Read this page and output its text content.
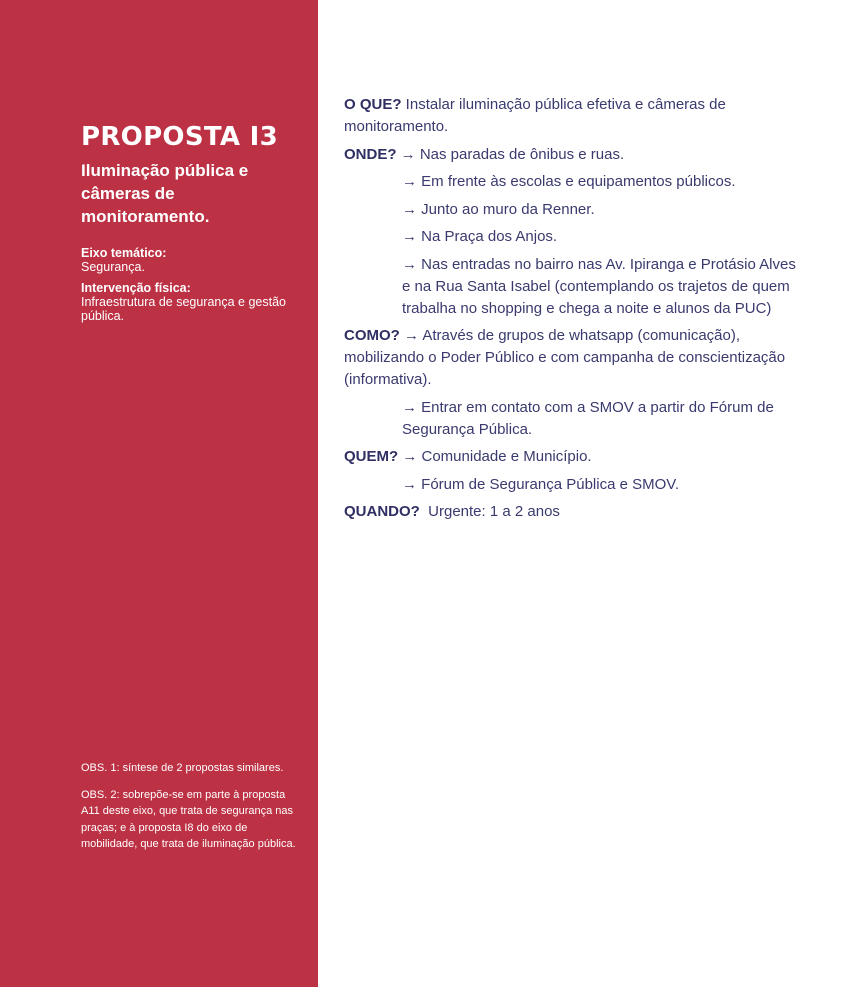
PROPOSTA I3
Iluminação pública e câmeras de monitoramento.
Eixo temático:
Segurança.
Intervenção física:
Infraestrutura de segurança e gestão pública.

OBS. 1: síntese de 2 propostas similares.

OBS. 2: sobrepõe-se em parte à proposta A11 deste eixo, que trata de segurança nas praças; e à proposta I8 do eixo de mobilidade, que trata de iluminação pública.

O QUE? Instalar iluminação pública efetiva e câmeras de monitoramento.
ONDE? → Nas paradas de ônibus e ruas.
→ Em frente às escolas e equipamentos públicos.
→ Junto ao muro da Renner.
→ Na Praça dos Anjos.
→ Nas entradas no bairro nas Av. Ipiranga e Protásio Alves e na Rua Santa Isabel (contemplando os trajetos de quem trabalha no shopping e chega a noite e alunos da PUC)
COMO? → Através de grupos de whatsapp (comunicação), mobilizando o Poder Público e com campanha de conscientização (informativa).
→ Entrar em contato com a SMOV a partir do Fórum de Segurança Pública.
QUEM? → Comunidade e Município.
→ Fórum de Segurança Pública e SMOV.
QUANDO?  Urgente: 1 a 2 anos
